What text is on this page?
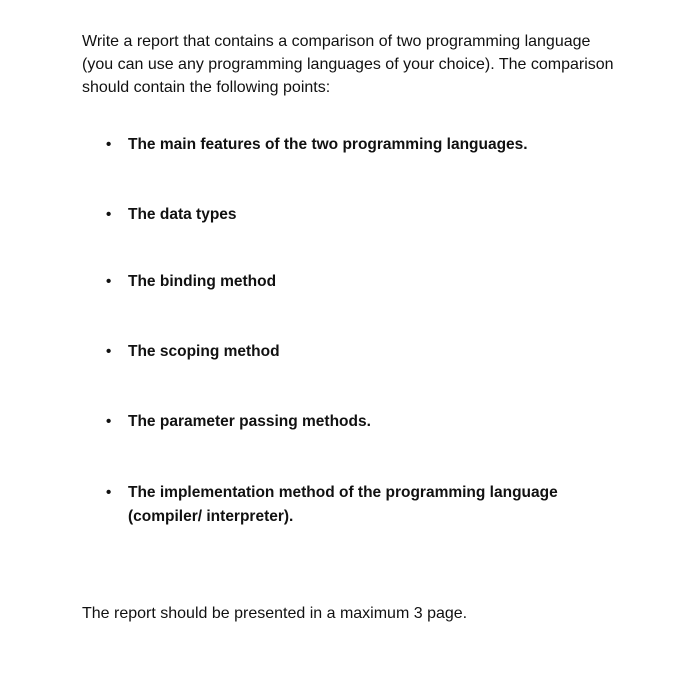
Write a report that contains a comparison of two programming language
(you can use any programming languages of your choice). The comparison
should contain the following points:

•	The main features of the two programming languages.
•	The data types
•	The binding method
•	The scoping method
•	The parameter passing methods.
•	The implementation method of the programming language
(compiler/ interpreter).

The report should be presented in a maximum 3 page.
